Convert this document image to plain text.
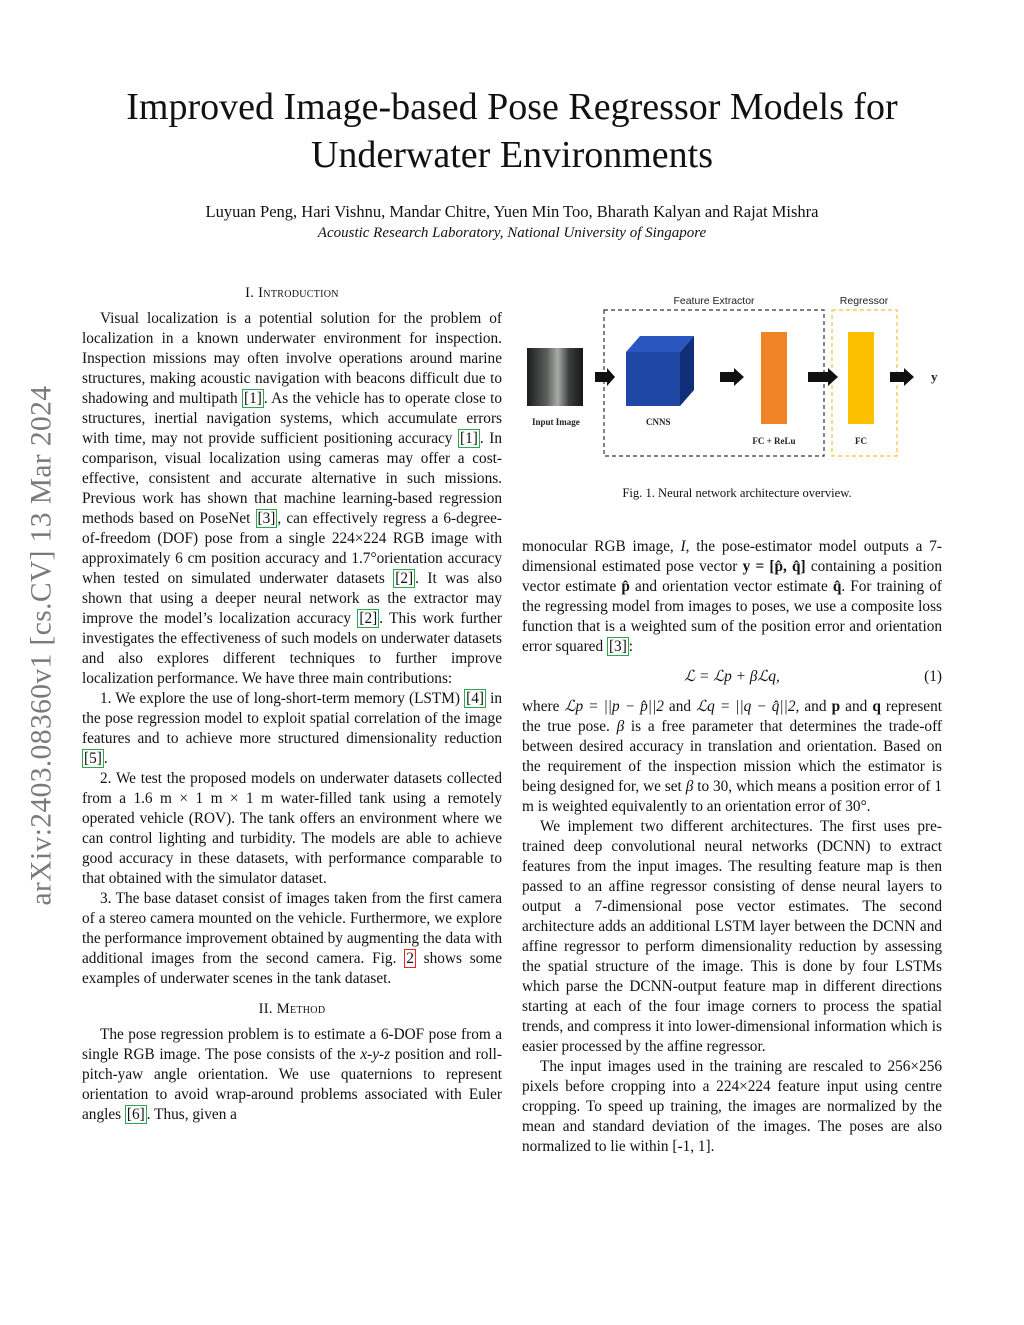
arXiv:2403.08360v1 [cs.CV] 13 Mar 2024
Improved Image-based Pose Regressor Models for
Underwater Environments
Luyuan Peng, Hari Vishnu, Mandar Chitre, Yuen Min Too, Bharath Kalyan and Rajat Mishra
Acoustic Research Laboratory, National University of Singapore
I. Introduction

Visual localization is a potential solution for the problem of localization in a known underwater environment for inspection. Inspection missions may often involve operations around marine structures, making acoustic navigation with beacons difficult due to shadowing and multipath [1] . As the vehicle has to operate close to structures, inertial navigation systems, which accumulate errors with time, may not provide sufficient positioning accuracy [1] . In comparison, visual localization using cameras may offer a cost-effective, consistent and accurate alternative in such missions. Previous work has shown that machine learning-based regression methods based on PoseNet [3] , can effectively regress a 6-degree-of-freedom (DOF) pose from a single 224×224 RGB image with approximately 6 cm position accuracy and 1.7°orientation accuracy when tested on simulated underwater datasets [2] . It was also shown that using a deeper neural network as the extractor may improve the model’s localization accuracy [2] . This work further investigates the effectiveness of such models on underwater datasets and also explores different techniques to further improve localization performance. We have three main contributions:

1. We explore the use of long-short-term memory (LSTM) [4] in the pose regression model to exploit spatial correlation of the image features and to achieve more structured dimensionality reduction [5] .

2. We test the proposed models on underwater datasets collected from a 1.6 m × 1 m × 1 m water-filled tank using a remotely operated vehicle (ROV). The tank offers an environment where we can control lighting and turbidity. The models are able to achieve good accuracy in these datasets, with performance comparable to that obtained with the simulator dataset.

3. The base dataset consist of images taken from the first camera of a stereo camera mounted on the vehicle. Furthermore, we explore the performance improvement obtained by augmenting the data with additional images from the second camera. Fig. 2 shows some examples of underwater scenes in the tank dataset.

II. Method

The pose regression problem is to estimate a 6-DOF pose from a single RGB image. The pose consists of the x-y-z position and roll-pitch-yaw angle orientation. We use quaternions to represent orientation to avoid wrap-around problems associated with Euler angles [6] . Thus, given a

Feature Extractor	Regressor
Input Image	CNNS
FC + ReLu	FC
y
Fig. 1. Neural network architecture overview.

monocular RGB image, I, the pose-estimator model outputs a 7-dimensional estimated pose vector y = [p̂, q̂] containing a position vector estimate p̂ and orientation vector estimate q̂. For training of the regressing model from images to poses, we use a composite loss function that is a weighted sum of the position error and orientation error squared [3] :

ℒ = ℒp + βℒq,	(1)

where ℒp = ||p − p̂||2 and ℒq = ||q − q̂||2, and p and q represent the true pose. β is a free parameter that determines the trade-off between desired accuracy in translation and orientation. Based on the requirement of the inspection mission which the estimator is being designed for, we set β to 30, which means a position error of 1 m is weighted equivalently to an orientation error of 30°.

We implement two different architectures. The first uses pre-trained deep convolutional neural networks (DCNN) to extract features from the input images. The resulting feature map is then passed to an affine regressor consisting of dense neural layers to output a 7-dimensional pose vector estimates. The second architecture adds an additional LSTM layer between the DCNN and affine regressor to perform dimensionality reduction by assessing the spatial structure of the image. This is done by four LSTMs which parse the DCNN-output feature map in different directions starting at each of the four image corners to process the spatial trends, and compress it into lower-dimensional information which is easier processed by the affine regressor.

The input images used in the training are rescaled to 256×256 pixels before cropping into a 224×224 feature input using centre cropping. To speed up training, the images are normalized by the mean and standard deviation of the images. The poses are also normalized to lie within [-1, 1].
